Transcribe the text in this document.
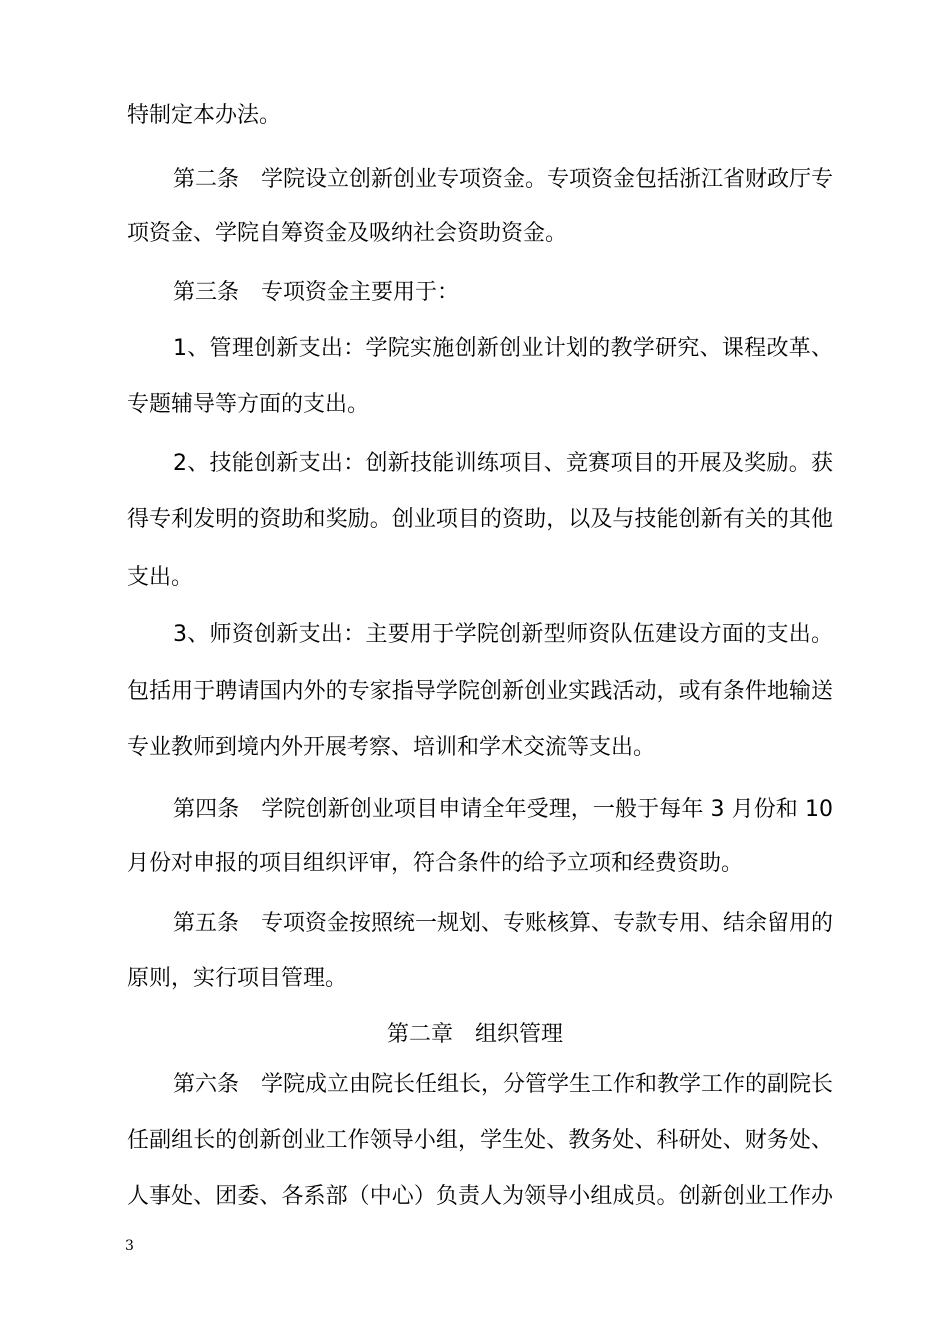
特制定本办法。
第二条　学院设立创新创业专项资金。专项资金包括浙江省财政厅专
项资金、学院自筹资金及吸纳社会资助资金。
第三条　专项资金主要用于：
1、管理创新支出：学院实施创新创业计划的教学研究、课程改革、
专题辅导等方面的支出。
2、技能创新支出：创新技能训练项目、竞赛项目的开展及奖励。获
得专利发明的资助和奖励。创业项目的资助，以及与技能创新有关的其他
支出。
3、师资创新支出：主要用于学院创新型师资队伍建设方面的支出。
包括用于聘请国内外的专家指导学院创新创业实践活动，或有条件地输送
专业教师到境内外开展考察、培训和学术交流等支出。
第四条　学院创新创业项目申请全年受理，一般于每年 3 月份和 10
月份对申报的项目组织评审，符合条件的给予立项和经费资助。
第五条　专项资金按照统一规划、专账核算、专款专用、结余留用的
原则，实行项目管理。
第二章　组织管理
第六条　学院成立由院长任组长，分管学生工作和教学工作的副院长
任副组长的创新创业工作领导小组，学生处、教务处、科研处、财务处、
人事处、团委、各系部（中心）负责人为领导小组成员。创新创业工作办
3
